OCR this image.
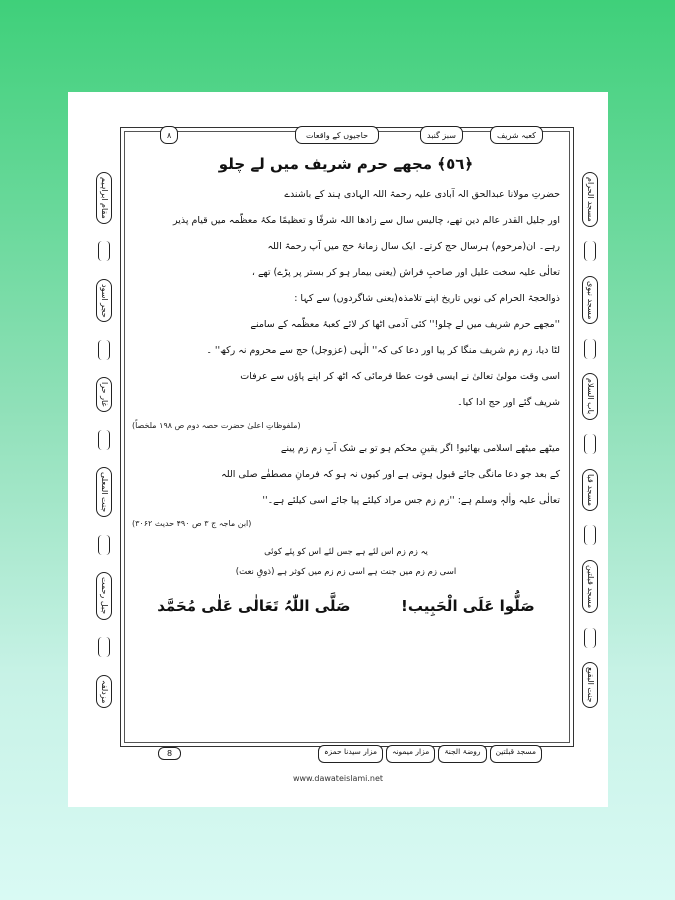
مقام ابراہیم
حجر اسود
غار حرا
جنت المعلی
جبل رحمت
مزدلفہ
مسجد الحرام
مسجد نبوی
باب السلام
مسجد قبا
مسجد قبلتین
جنت البقیع
۸	حاجیوں کے واقعات	سبز گنبد	کعبہ شریف
﴿٥٦﴾ مجھے حرم شریف میں لے چلو

حضرتِ مولانا عبدالحق الہ آبادی علیہ رحمۃ اللہ الہادی ہند کے باشندے

اور جلیل القدر عالم دین تھے، چالیس سال سے زادھا اللہ شرفًا و تعظیمًا مکۂ معظّمہ میں قیام پذیر

رہے۔ ان(مرحوم) ہرسال حج کرتے۔ ایک سال زمانۂ حج میں آپ رحمۃ اللہ

تعالٰی علیہ سخت علیل اور صاحبِ فراش (یعنی بیمار ہو کر بستر پر پڑے) تھے ،

ذوالحجۃ الحرام کی نویں تاریخ اپنے تلامذہ(یعنی شاگردوں) سے کہا :

''مجھے حرم شریف میں لے چلو!'' کئی آدمی اٹھا کر لائے کعبۂ معظّمہ کے سامنے

لٹا دیا، زم زم شریف منگا کر پیا اور دعا کی کہ'' الٰہی (عزوجل) حج سے محروم نہ رکھ'' ۔

اسی وقت مولیٰ تعالیٰ نے ایسی قوت عطا فرمائی کہ اٹھ کر اپنے پاؤں سے عرفات

شریف گئے اور حج ادا کیا۔

(ملفوظاتِ اعلیٰ حضرت حصہ دوم ص ۱۹۸ ملخصاً)

میٹھے میٹھے اسلامی بھائیو! اگر یقینِ محکم ہو تو بے شک آبِ زم زم پینے

کے بعد جو دعا مانگی جائے قبول ہوتی ہے اور کیوں نہ ہو کہ فرمانِ مصطفٰے صلی اللہ

تعالٰی علیہ واٰلہٖ وسلم ہے: ''زم زم جس مراد کیلئے پیا جائے اسی کیلئے ہے۔''

(ابن ماجہ ج ۳ ص ۴۹۰ حدیث ۳۰۶۲)

یہ زم زم اس لئے ہے جس لئے اس کو پئے کوئی

اسی زم زم میں جنت ہے اسی زم زم میں کوثر ہے (ذوقِ نعت)

صَلُّوا عَلَی الْحَبِیب!
صَلَّی اللّٰہُ تَعَالٰی عَلٰی مُحَمَّد
8	مسجد قبلتین
روضۃ الجنۃ
مزار میمونہ
مزار سیدنا حمزہ
www.dawateislami.net
